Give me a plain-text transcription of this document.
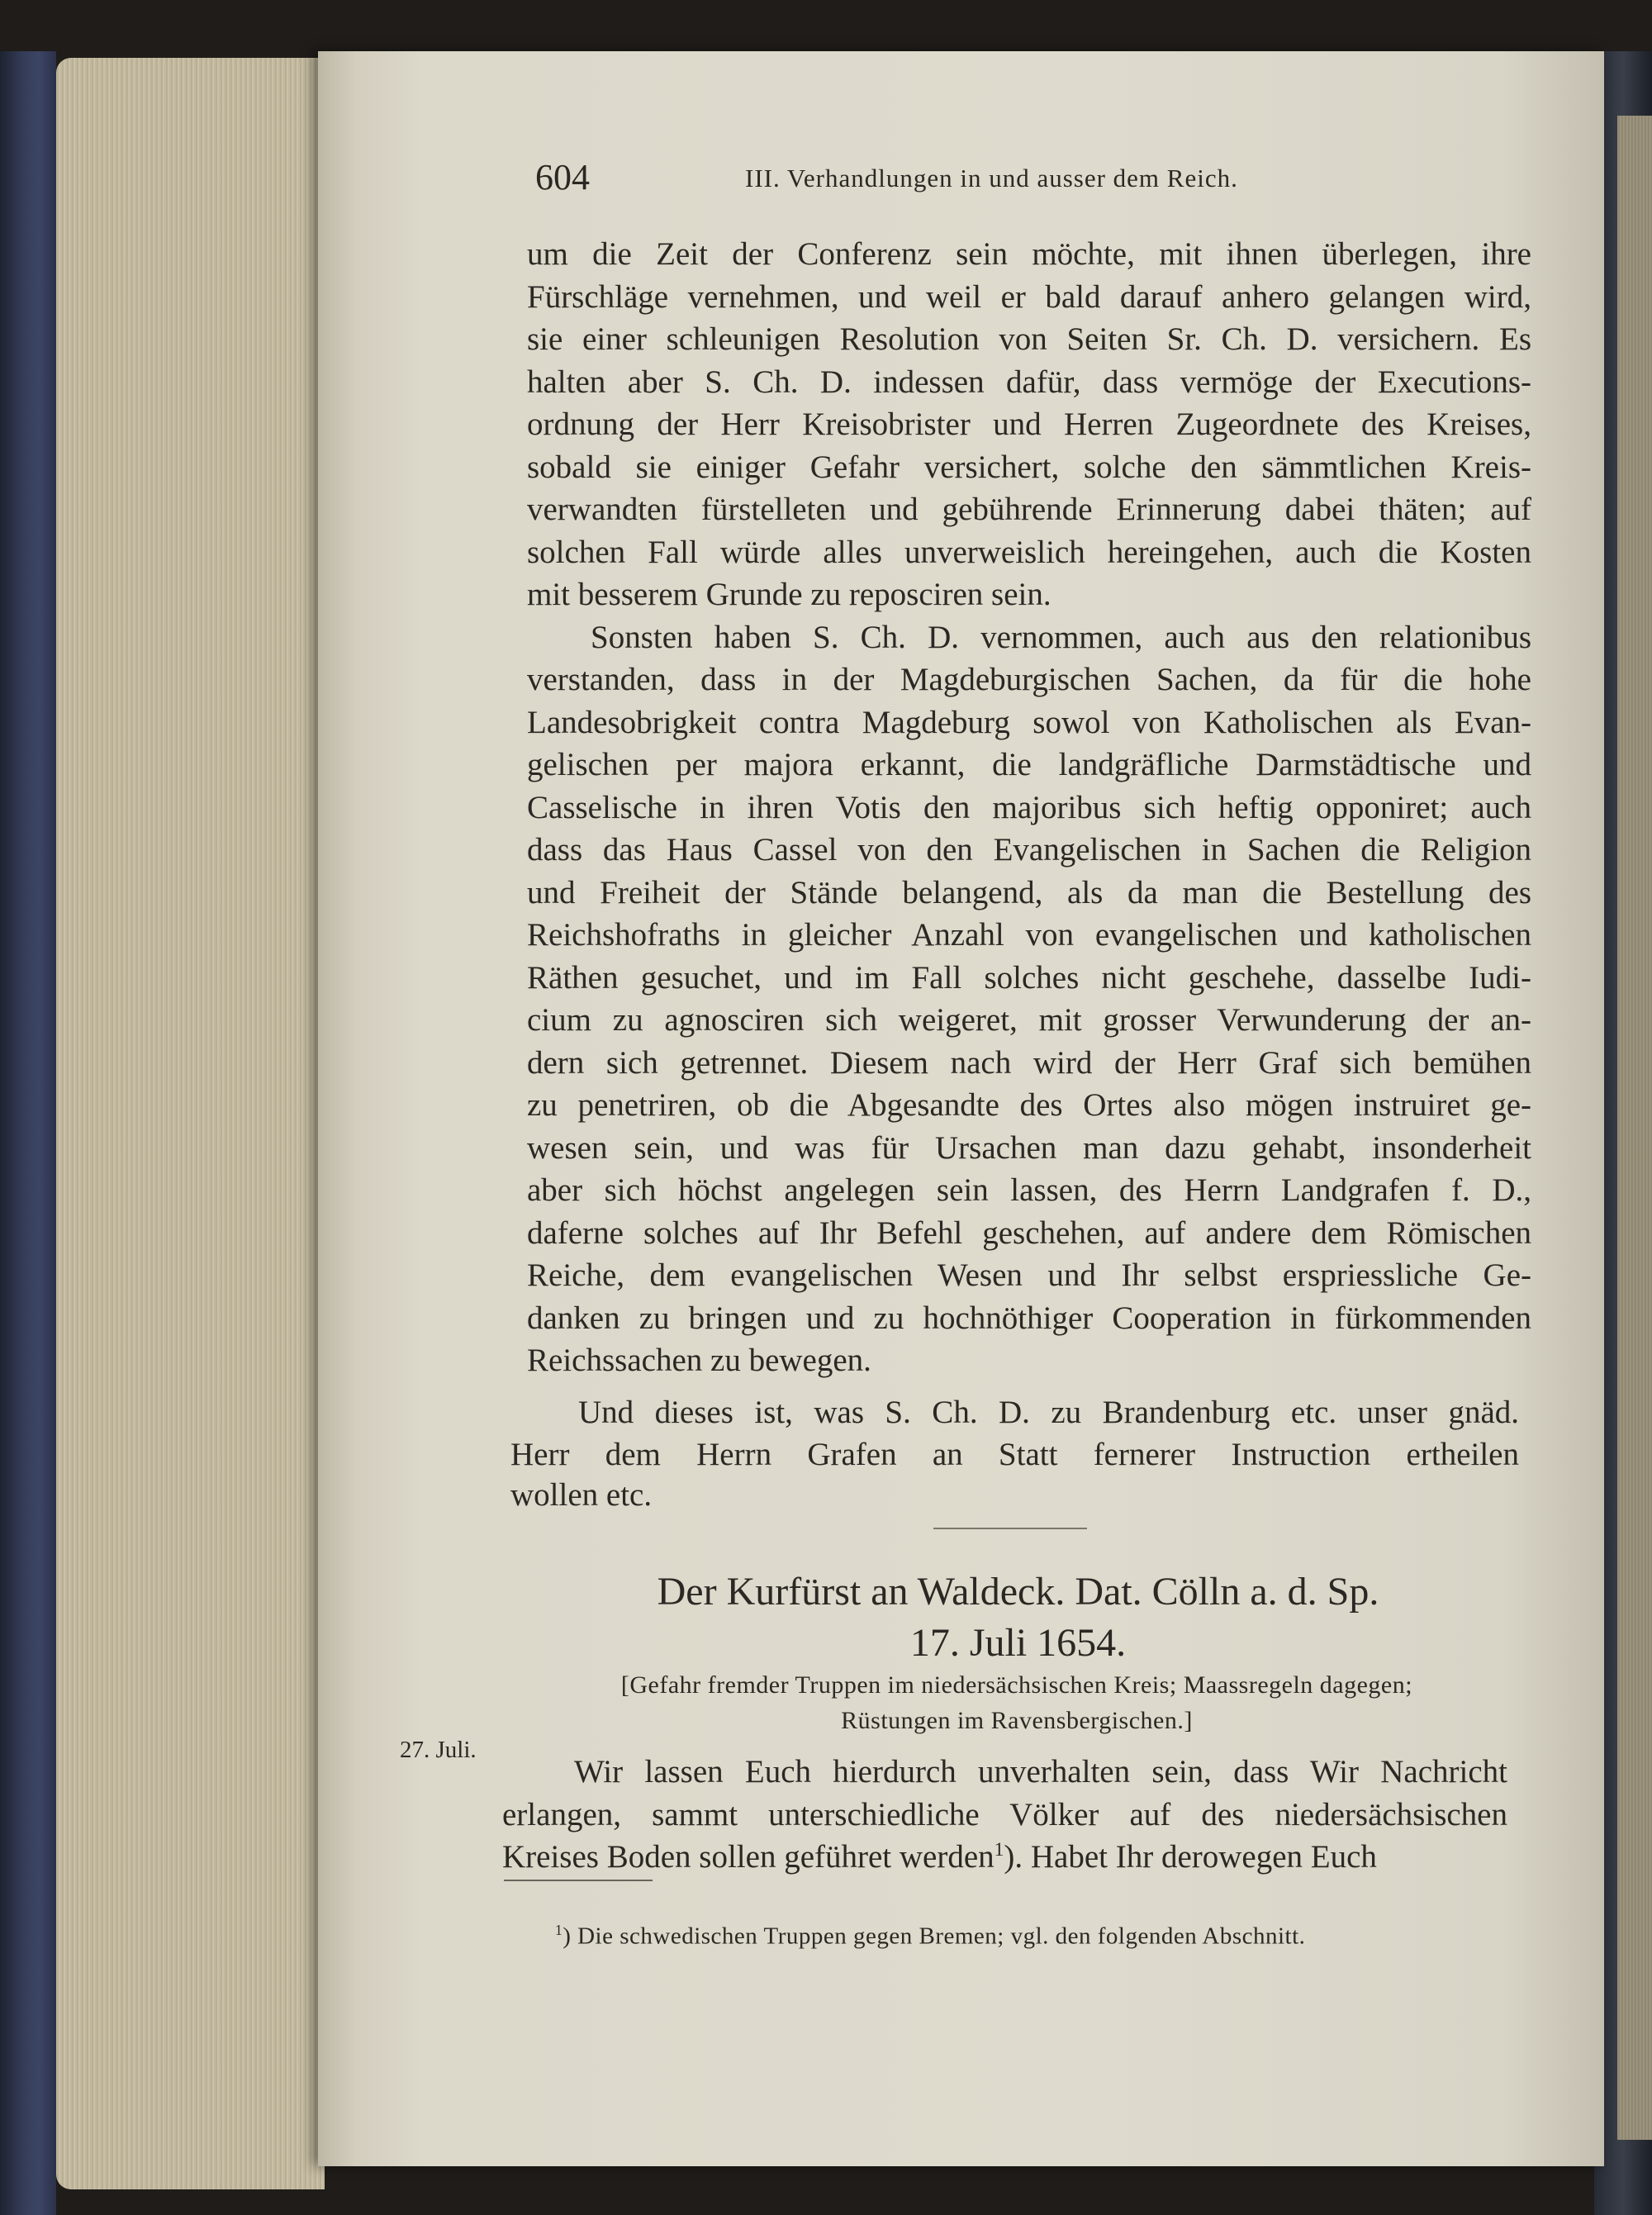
604	III. Verhandlungen in und ausser dem Reich.
um die Zeit der Conferenz sein möchte, mit ihnen überlegen, ihre
Fürschläge vernehmen, und weil er bald darauf anhero gelangen wird,
sie einer schleunigen Resolution von Seiten Sr. Ch. D. versichern. Es
halten aber S. Ch. D. indessen dafür, dass vermöge der Executions-
ordnung der Herr Kreisobrister und Herren Zugeordnete des Kreises,
sobald sie einiger Gefahr versichert, solche den sämmtlichen Kreis-
verwandten fürstelleten und gebührende Erinnerung dabei thäten; auf
solchen Fall würde alles unverweislich hereingehen, auch die Kosten
mit besserem Grunde zu reposciren sein.
Sonsten haben S. Ch. D. vernommen, auch aus den relationibus
verstanden, dass in der Magdeburgischen Sachen, da für die hohe
Landesobrigkeit contra Magdeburg sowol von Katholischen als Evan-
gelischen per majora erkannt, die landgräfliche Darmstädtische und
Casselische in ihren Votis den majoribus sich heftig opponiret; auch
dass das Haus Cassel von den Evangelischen in Sachen die Religion
und Freiheit der Stände belangend, als da man die Bestellung des
Reichshofraths in gleicher Anzahl von evangelischen und katholischen
Räthen gesuchet, und im Fall solches nicht geschehe, dasselbe Iudi-
cium zu agnosciren sich weigeret, mit grosser Verwunderung der an-
dern sich getrennet. Diesem nach wird der Herr Graf sich bemühen
zu penetriren, ob die Abgesandte des Ortes also mögen instruiret ge-
wesen sein, und was für Ursachen man dazu gehabt, insonderheit
aber sich höchst angelegen sein lassen, des Herrn Landgrafen f. D.,
daferne solches auf Ihr Befehl geschehen, auf andere dem Römischen
Reiche, dem evangelischen Wesen und Ihr selbst erspriessliche Ge-
danken zu bringen und zu hochnöthiger Cooperation in fürkommenden
Reichssachen zu bewegen.
Und dieses ist, was S. Ch. D. zu Brandenburg etc. unser gnäd.
Herr dem Herrn Grafen an Statt fernerer Instruction ertheilen
wollen etc.
Der Kurfürst an Waldeck. Dat. Cölln a. d. Sp.
17. Juli 1654.
[Gefahr fremder Truppen im niedersächsischen Kreis; Maassregeln dagegen;
Rüstungen im Ravensbergischen.]
27. Juli.
Wir lassen Euch hierdurch unverhalten sein, dass Wir Nachricht
erlangen, sammt unterschiedliche Völker auf des niedersächsischen
Kreises Boden sollen geführet werden$^1$). Habet Ihr derowegen Euch
$^1$) Die schwedischen Truppen gegen Bremen; vgl. den folgenden Abschnitt.
